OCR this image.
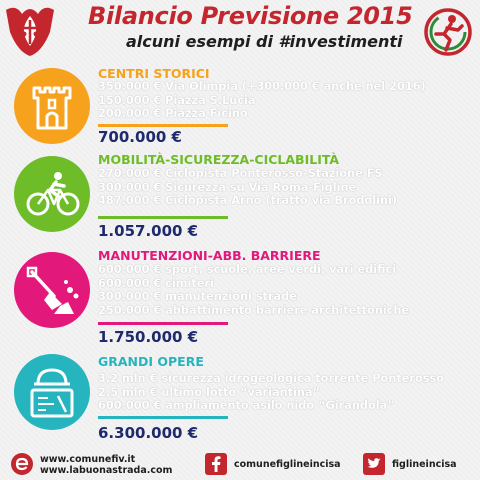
Bilancio Previsione 2015
alcuni esempi di #investimenti
CENTRI STORICI
350.000 € Via Olimpia (+300.000 € anche nel 2016)
150.000 € Piazza S.Lucia
200.000 € Piazza Ficino
700.000 €
MOBILITÀ-SICUREZZA-CICLABILITÀ
270.000 € Ciclopista Ponterosso-Stazione FS
300.000 € Sicurezza su Via Roma-Figline
487.000 € Ciclopista Arno (tratto via Brodolini)
1.057.000 €
MANUTENZIONI-ABB. BARRIERE
600.000 € sport, scuole, aree verdi, vari edifici
600.000 € cimiteri
300.000 € manutenzioni strade
250.000 € abbattimento barriere architettoniche
1.750.000 €
GRANDI OPERE
3,2 mln € sicurezza idrogeologica torrente Ponterosso
2,5 mln € ultimo lotto “variantina”
600.000 € ampliamento asilo nido “Girandola”
6.300.000 €
www.comunefiv.it
www.labuonastrada.com
comunefiglineincisa	figlineincisa
